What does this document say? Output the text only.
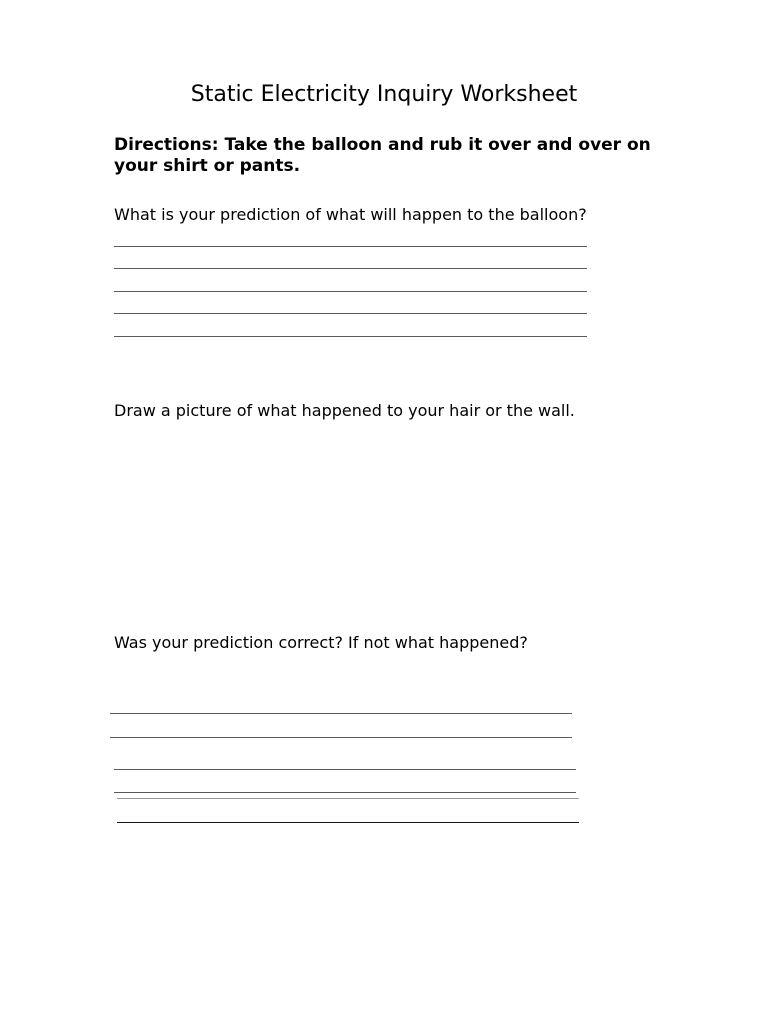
Static Electricity Inquiry Worksheet

Directions: Take the balloon and rub it over and over on your shirt or pants.

What is your prediction of what will happen to the balloon?

Draw a picture of what happened to your hair or the wall.

Was your prediction correct? If not what happened?
